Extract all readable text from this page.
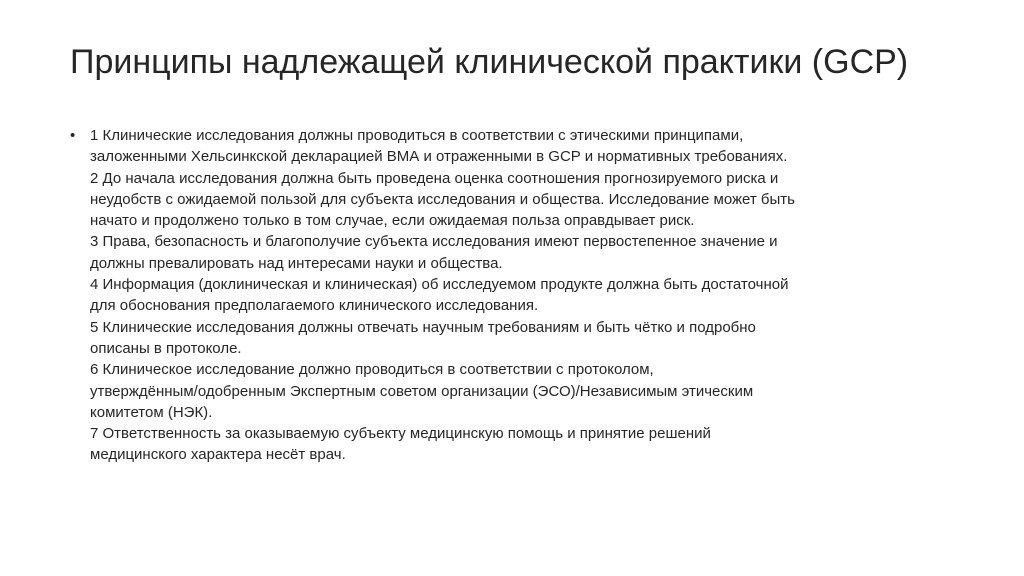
Принципы надлежащей клинической практики (GCP)
• 1 Клинические исследования должны проводиться в соответствии с этическими принципами,
заложенными Хельсинкской декларацией ВМА и отраженными в GCP и нормативных требованиях.
2 До начала исследования должна быть проведена оценка соотношения прогнозируемого риска и
неудобств с ожидаемой пользой для субъекта исследования и общества. Исследование может быть
начато и продолжено только в том случае, если ожидаемая польза оправдывает риск.
3 Права, безопасность и благополучие субъекта исследования имеют первостепенное значение и
должны превалировать над интересами науки и общества.
4 Информация (доклиническая и клиническая) об исследуемом продукте должна быть достаточной
для обоснования предполагаемого клинического исследования.
5 Клинические исследования должны отвечать научным требованиям и быть чётко и подробно
описаны в протоколе.
6 Клиническое исследование должно проводиться в соответствии с протоколом,
утверждённым/одобренным Экспертным советом организации (ЭСО)/Независимым этическим
комитетом (НЭК).
7 Ответственность за оказываемую субъекту медицинскую помощь и принятие решений
медицинского характера несёт врач.
